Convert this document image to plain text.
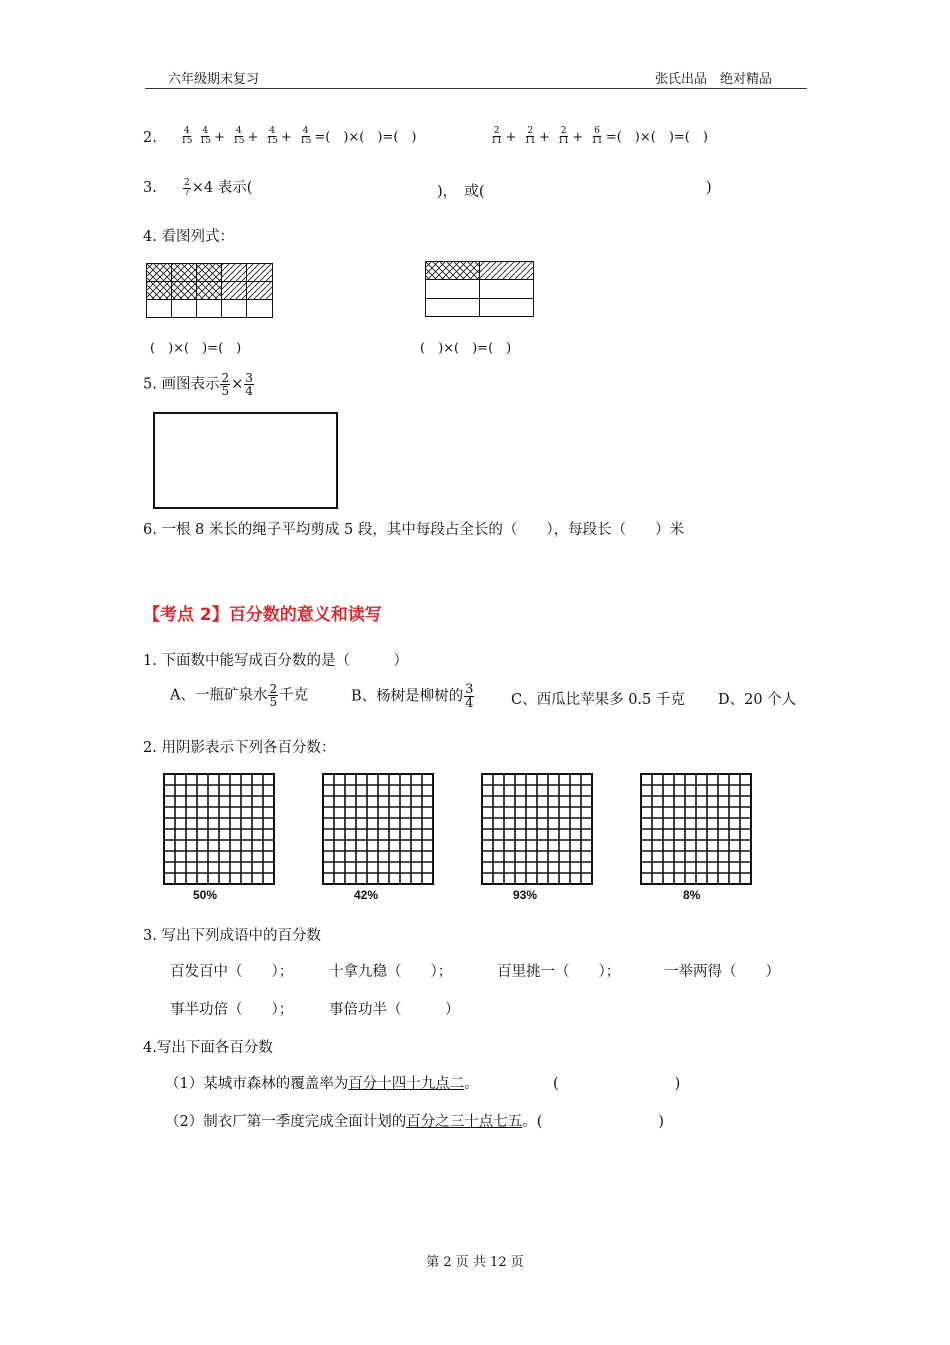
六年级期末复习	张氏出品　绝对精品
2.	$\frac{4}{15}$
$\frac{4}{15} + \frac{4}{15} + \frac{4}{15} + \frac{4}{15}$ =(　)×(　)=(　)	$\frac{2}{11} + \frac{2}{11} + \frac{2}{11} + \frac{6}{11}$ =(　)×(　)=(　)
3.	$\frac{2}{7} \times 4$ 表示(	)，　或(	)
4. 看图列式：
(　)×(　)=(　)	(　)×(　)=(　)
5. 画图表示 $\frac{2}{5} \times \frac{3}{4}$
6. 一根 8 米长的绳子平均剪成 5 段，其中每段占全长的（　　），每段长（　　）米
【考点 2】百分数的意义和读写
1. 下面数中能写成百分数的是（　　　）
A、一瓶矿泉水 $\frac{2}{5}$ 千克	B、杨树是柳树的 $\frac{3}{4}$	C、西瓜比苹果多 0.5 千克 D、20 个人
2. 用阴影表示下列各百分数：
50%	42%	93%	8%
3. 写出下列成语中的百分数
百发百中（　　）； 十拿九稳（　　）；	百里挑一（　　）；	一举两得（　　）
事半功倍（　　）； 事倍功半（　　　）
4.写出下面各百分数
（1）某城市森林的覆盖率为百分十四十九点二。	(　　　　　　　　)
（2）制衣厂第一季度完成全面计划的百分之三十点七五。(　　　　　　　　)
第 2 页 共 12 页
